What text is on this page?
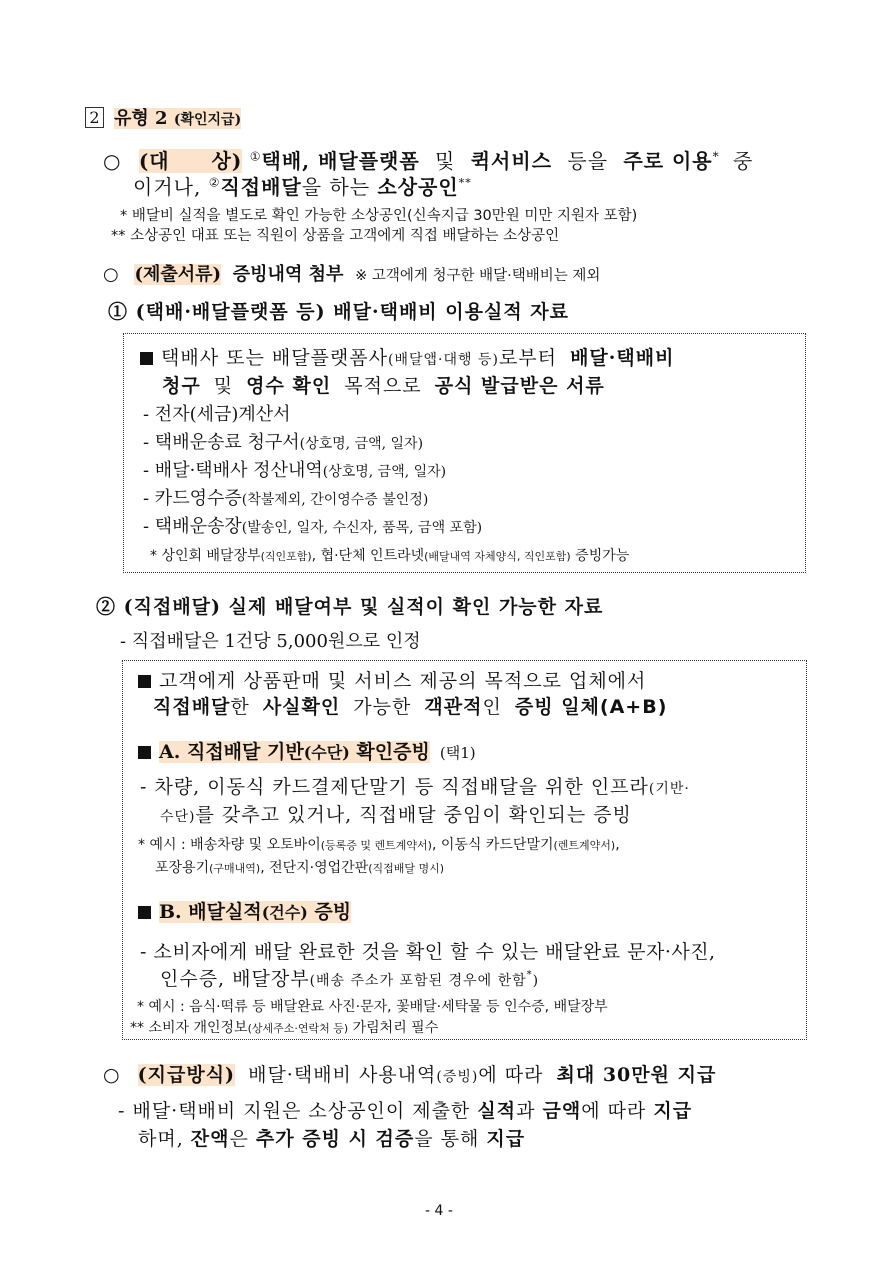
2 유형 2 (확인지급)
○ (대　　상) ①택배, 배달플랫폼 및 퀵서비스 등을 주로 이용* 중
이거나, ②직접배달을 하는 소상공인**
* 배달비 실적을 별도로 확인 가능한 소상공인(신속지급 30만원 미만 지원자 포함)
** 소상공인 대표 또는 직원이 상품을 고객에게 직접 배달하는 소상공인
○ (제출서류) 증빙내역 첨부 ※ 고객에게 청구한 배달·택배비는 제외
① (택배·배달플랫폼 등) 배달·택배비 이용실적 자료
택배사 또는 배달플랫폼사(배달앱·대행 등)로부터 배달·택배비
청구 및 영수 확인 목적으로 공식 발급받은 서류
- 전자(세금)계산서
- 택배운송료 청구서(상호명, 금액, 일자)
- 배달·택배사 정산내역(상호명, 금액, 일자)
- 카드영수증(착불제외, 간이영수증 불인정)
- 택배운송장(발송인, 일자, 수신자, 품목, 금액 포함)
* 상인회 배달장부(직인포함), 협·단체 인트라넷(배달내역 자체양식, 직인포함) 증빙가능
② (직접배달) 실제 배달여부 및 실적이 확인 가능한 자료
- 직접배달은 1건당 5,000원으로 인정
고객에게 상품판매 및 서비스 제공의 목적으로 업체에서
직접배달한 사실확인 가능한 객관적인 증빙 일체(A+B)
A. 직접배달 기반(수단) 확인증빙 (택1)
- 차량, 이동식 카드결제단말기 등 직접배달을 위한 인프라(기반·
수단)를 갖추고 있거나, 직접배달 중임이 확인되는 증빙
* 예시 : 배송차량 및 오토바이(등록증 및 렌트계약서), 이동식 카드단말기(렌트계약서),
포장용기(구매내역), 전단지·영업간판(직접배달 명시)
B. 배달실적(건수) 증빙
- 소비자에게 배달 완료한 것을 확인 할 수 있는 배달완료 문자·사진,
인수증, 배달장부(배송 주소가 포함된 경우에 한함*)
* 예시 : 음식·떡류 등 배달완료 사진·문자, 꽃배달·세탁물 등 인수증, 배달장부
** 소비자 개인정보(상세주소·연락처 등) 가림처리 필수
○ (지급방식) 배달·택배비 사용내역(증빙)에 따라 최대 30만원 지급
- 배달·택배비 지원은 소상공인이 제출한 실적과 금액에 따라 지급
하며, 잔액은 추가 증빙 시 검증을 통해 지급
- 4 -
